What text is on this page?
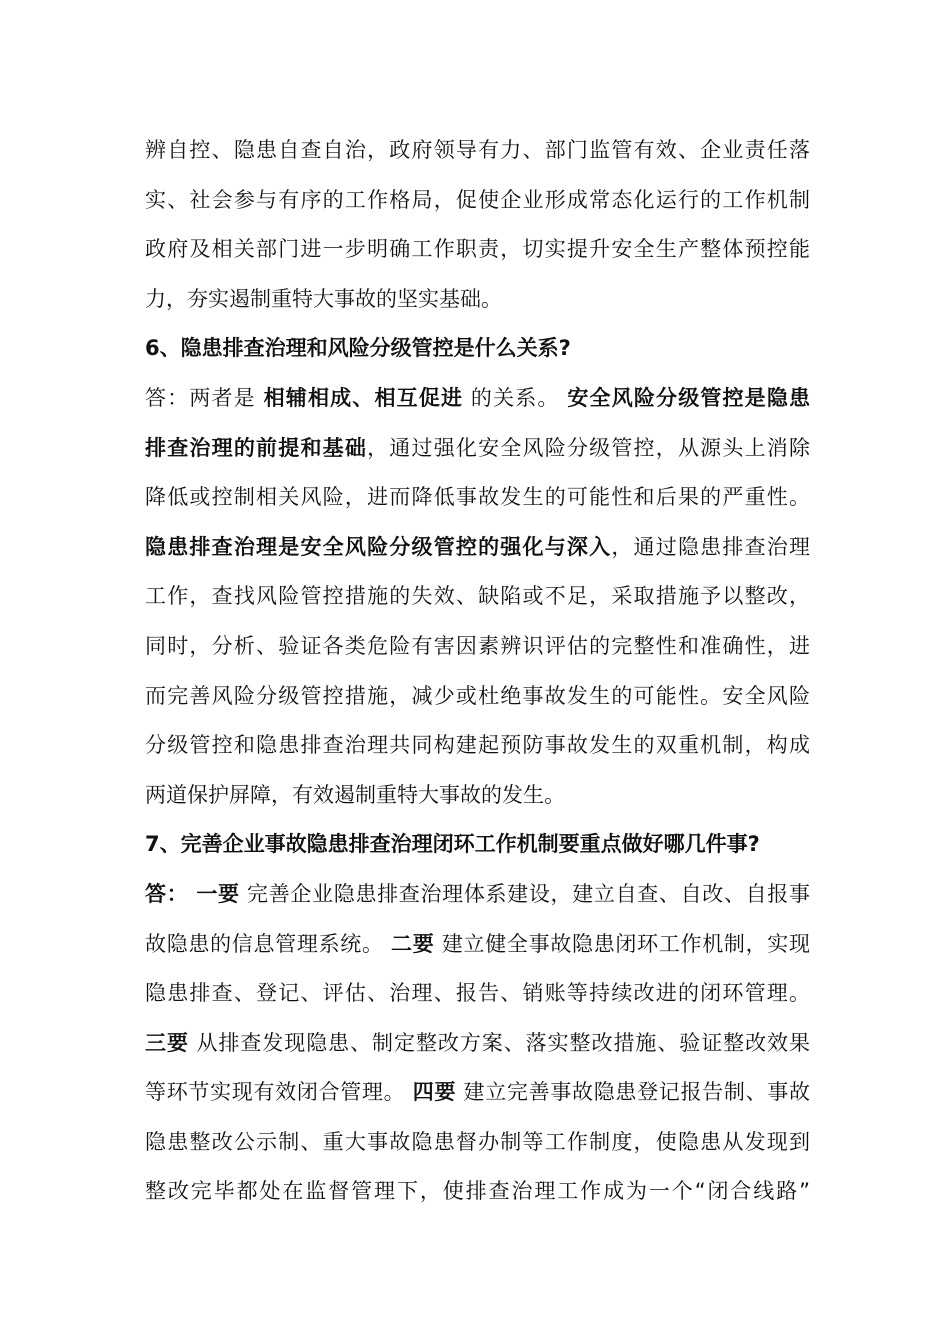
辨自控、隐患自查自治，政府领导有力、部门监管有效、企业责任落
实、社会参与有序的工作格局，促使企业形成常态化运行的工作机制
政府及相关部门进一步明确工作职责，切实提升安全生产整体预控能
力，夯实遏制重特大事故的坚实基础。
6、隐患排查治理和风险分级管控是什么关系?
答：两者是 相辅相成、相互促进 的关系。 安全风险分级管控是隐患
排查治理的前提和基础，通过强化安全风险分级管控，从源头上消除
降低或控制相关风险，进而降低事故发生的可能性和后果的严重性。
隐患排查治理是安全风险分级管控的强化与深入，通过隐患排查治理
工作，查找风险管控措施的失效、缺陷或不足，采取措施予以整改，
同时，分析、验证各类危险有害因素辨识评估的完整性和准确性，进
而完善风险分级管控措施，减少或杜绝事故发生的可能性。安全风险
分级管控和隐患排查治理共同构建起预防事故发生的双重机制，构成
两道保护屏障，有效遏制重特大事故的发生。
7、完善企业事故隐患排查治理闭环工作机制要重点做好哪几件事?
答： 一要 完善企业隐患排查治理体系建设，建立自查、自改、自报事
故隐患的信息管理系统。 二要 建立健全事故隐患闭环工作机制，实现
隐患排查、登记、评估、治理、报告、销账等持续改进的闭环管理。
三要 从排查发现隐患、制定整改方案、落实整改措施、验证整改效果
等环节实现有效闭合管理。 四要 建立完善事故隐患登记报告制、事故
隐患整改公示制、重大事故隐患督办制等工作制度，使隐患从发现到
整改完毕都处在监督管理下，使排查治理工作成为一个“闭合线路”
